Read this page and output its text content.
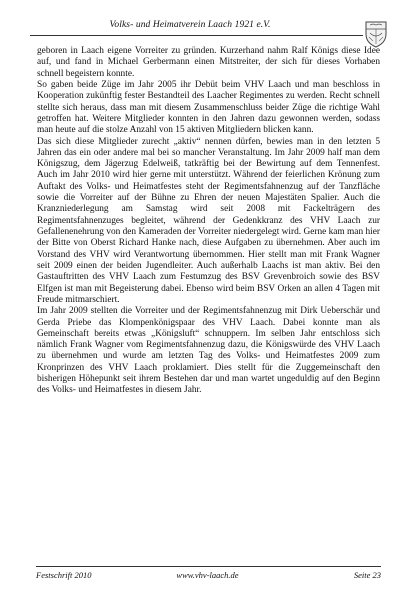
Volks- und Heimatverein Laach 1921 e.V.

geboren in Laach eigene Vorreiter zu gründen. Kurzerhand nahm Ralf Königs diese Idee auf, und fand in Michael Gerbermann einen Mitstreiter, der sich für dieses Vorhaben schnell begeistern konnte.

So gaben beide Züge im Jahr 2005 ihr Debüt beim VHV Laach und man beschloss in Kooperation zukünftig fester Bestandteil des Laacher Regimentes zu werden. Recht schnell stellte sich heraus, dass man mit diesem Zusammenschluss beider Züge die richtige Wahl getroffen hat. Weitere Mitglieder konnten in den Jahren dazu gewonnen werden, sodass man heute auf die stolze Anzahl von 15 aktiven Mitgliedern blicken kann.

Das sich diese Mitglieder zurecht „aktiv“ nennen dürfen, bewies man in den letzten 5 Jahren das ein oder andere mal bei so mancher Veranstaltung. Im Jahr 2009 half man dem Königszug, dem Jägerzug Edelweiß, tatkräftig bei der Bewirtung auf dem Tennenfest. Auch im Jahr 2010 wird hier gerne mit unterstützt. Während der feierlichen Krönung zum Auftakt des Volks- und Heimatfestes steht der Regimentsfahnenzug auf der Tanzfläche sowie die Vorreiter auf der Bühne zu Ehren der neuen Majestäten Spalier. Auch die Kranzniederlegung am Samstag wird seit 2008 mit Fackelträgern des Regimentsfahnenzuges begleitet, während der Gedenkkranz des VHV Laach zur Gefallenenehrung von den Kameraden der Vorreiter niedergelegt wird. Gerne kam man hier der Bitte von Oberst Richard Hanke nach, diese Aufgaben zu übernehmen. Aber auch im Vorstand des VHV wird Verantwortung übernommen. Hier stellt man mit Frank Wagner seit 2009 einen der beiden Jugendleiter. Auch außerhalb Laachs ist man aktiv. Bei den Gastauftritten des VHV Laach zum Festumzug des BSV Grevenbroich sowie des BSV Elfgen ist man mit Begeisterung dabei. Ebenso wird beim BSV Orken an allen 4 Tagen mit Freude mitmarschiert.

Im Jahr 2009 stellten die Vorreiter und der Regimentsfahnenzug mit Dirk Ueberschär und Gerda Priebe das Klompenkönigspaar des VHV Laach. Dabei konnte man als Gemeinschaft bereits etwas „Königsluft“ schnuppern. Im selben Jahr entschloss sich nämlich Frank Wagner vom Regimentsfahnenzug dazu, die Königswürde des VHV Laach zu übernehmen und wurde am letzten Tag des Volks- und Heimatfestes 2009 zum Kronprinzen des VHV Laach proklamiert. Dies stellt für die Zuggemeinschaft den bisherigen Höhepunkt seit ihrem Bestehen dar und man wartet ungeduldig auf den Beginn des Volks- und Heimatfestes in diesem Jahr.

Festschrift 2010	www.vhv-laach.de	Seite 23
